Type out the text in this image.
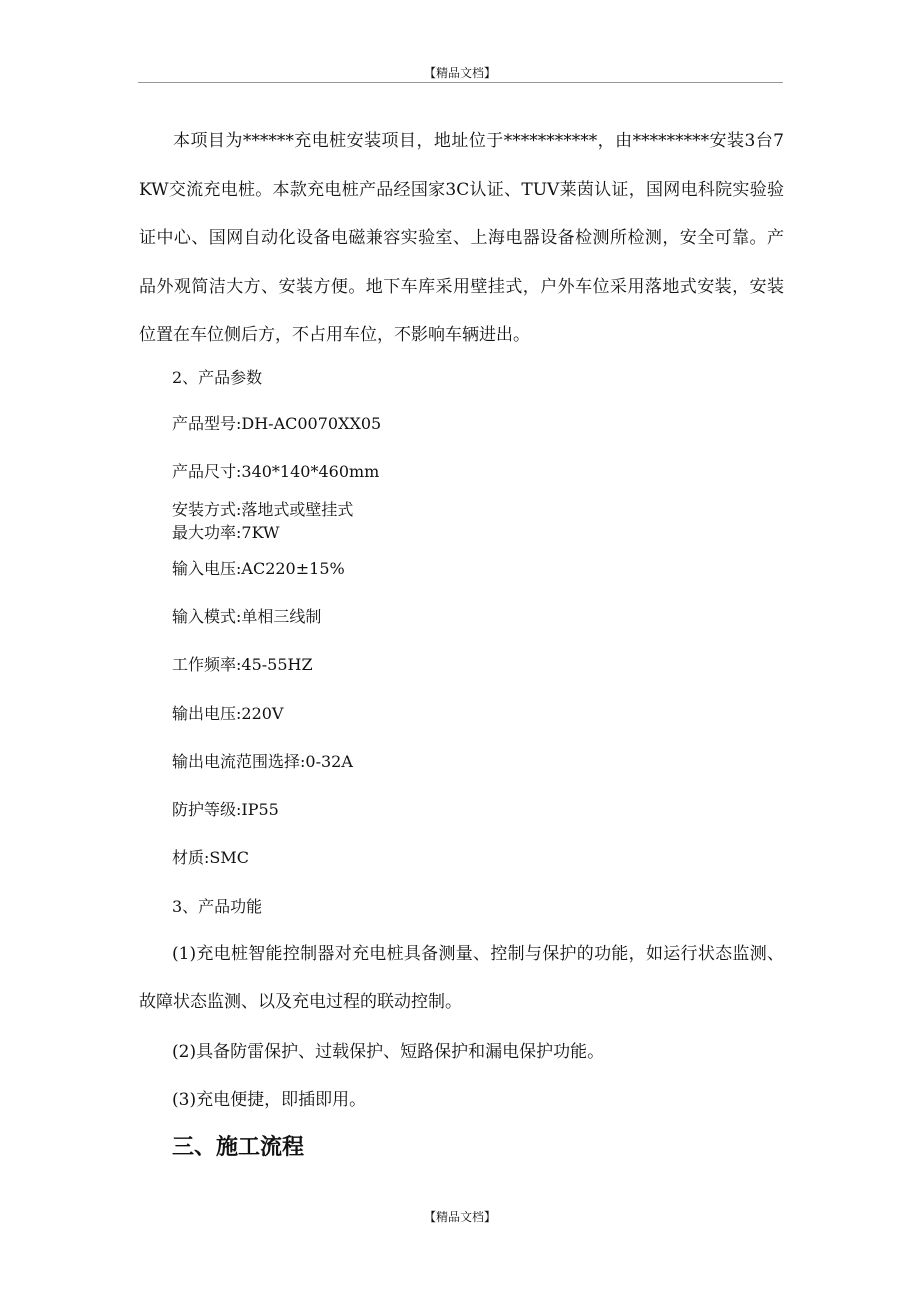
【精品文档】

本项目为******充电桩安装项目，地址位于***********，由*********安装3台7KW交流充电桩。本款充电桩产品经国家3C认证、TUV莱茵认证，国网电科院实验验证中心、国网自动化设备电磁兼容实验室、上海电器设备检测所检测，安全可靠。产品外观简洁大方、安装方便。地下车库采用壁挂式，户外车位采用落地式安装，安装位置在车位侧后方，不占用车位，不影响车辆进出。

2、产品参数

产品型号:DH-AC0070XX05

产品尺寸:340*140*460mm

安装方式:落地式或壁挂式

最大功率:7KW

输入电压:AC220±15%

输入模式:单相三线制

工作频率:45-55HZ

输出电压:220V

输出电流范围选择:0-32A

防护等级:IP55

材质:SMC

3、产品功能

(1)充电桩智能控制器对充电桩具备测量、控制与保护的功能，如运行状态监测、故障状态监测、以及充电过程的联动控制。

(2)具备防雷保护、过载保护、短路保护和漏电保护功能。

(3)充电便捷，即插即用。

三、施工流程

【精品文档】
